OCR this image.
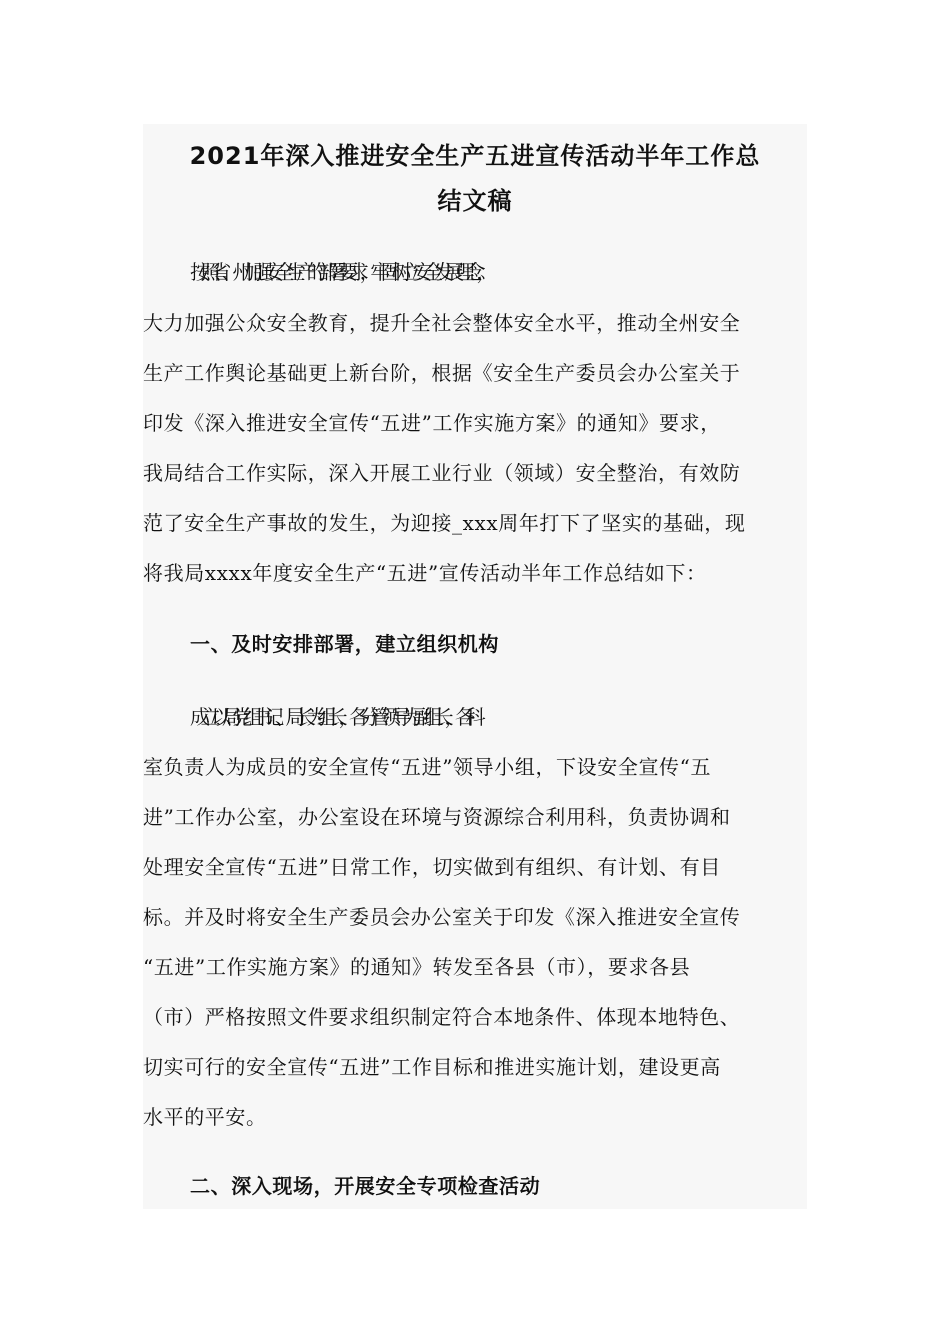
2021年深入推进安全生产五进宣传活动半年工作总
结文稿
按照省、州加强安全生产的部署要求，牢固树立安全发展理念，
大力加强公众安全教育，提升全社会整体安全水平，推动全州安全
生产工作舆论基础更上新台阶，根据《安全生产委员会办公室关于
印发《深入推进安全宣传“五进”工作实施方案》的通知》要求，
我局结合工作实际，深入开展工业行业（领域）安全整治，有效防
范了安全生产事故的发生，为迎接_xxx周年打下了坚实的基础，现
将我局xxxx年度安全生产“五进”宣传活动半年工作总结如下：
一、及时安排部署，建立组织机构
成立以局党组书记、局长为组长，各分管领导为副组长，各科
室负责人为成员的安全宣传“五进”领导小组，下设安全宣传“五
进”工作办公室，办公室设在环境与资源综合利用科，负责协调和
处理安全宣传“五进”日常工作，切实做到有组织、有计划、有目
标。并及时将安全生产委员会办公室关于印发《深入推进安全宣传
“五进”工作实施方案》的通知》转发至各县（市），要求各县
（市）严格按照文件要求组织制定符合本地条件、体现本地特色、
切实可行的安全宣传“五进”工作目标和推进实施计划，建设更高
水平的平安。
二、深入现场，开展安全专项检查活动
